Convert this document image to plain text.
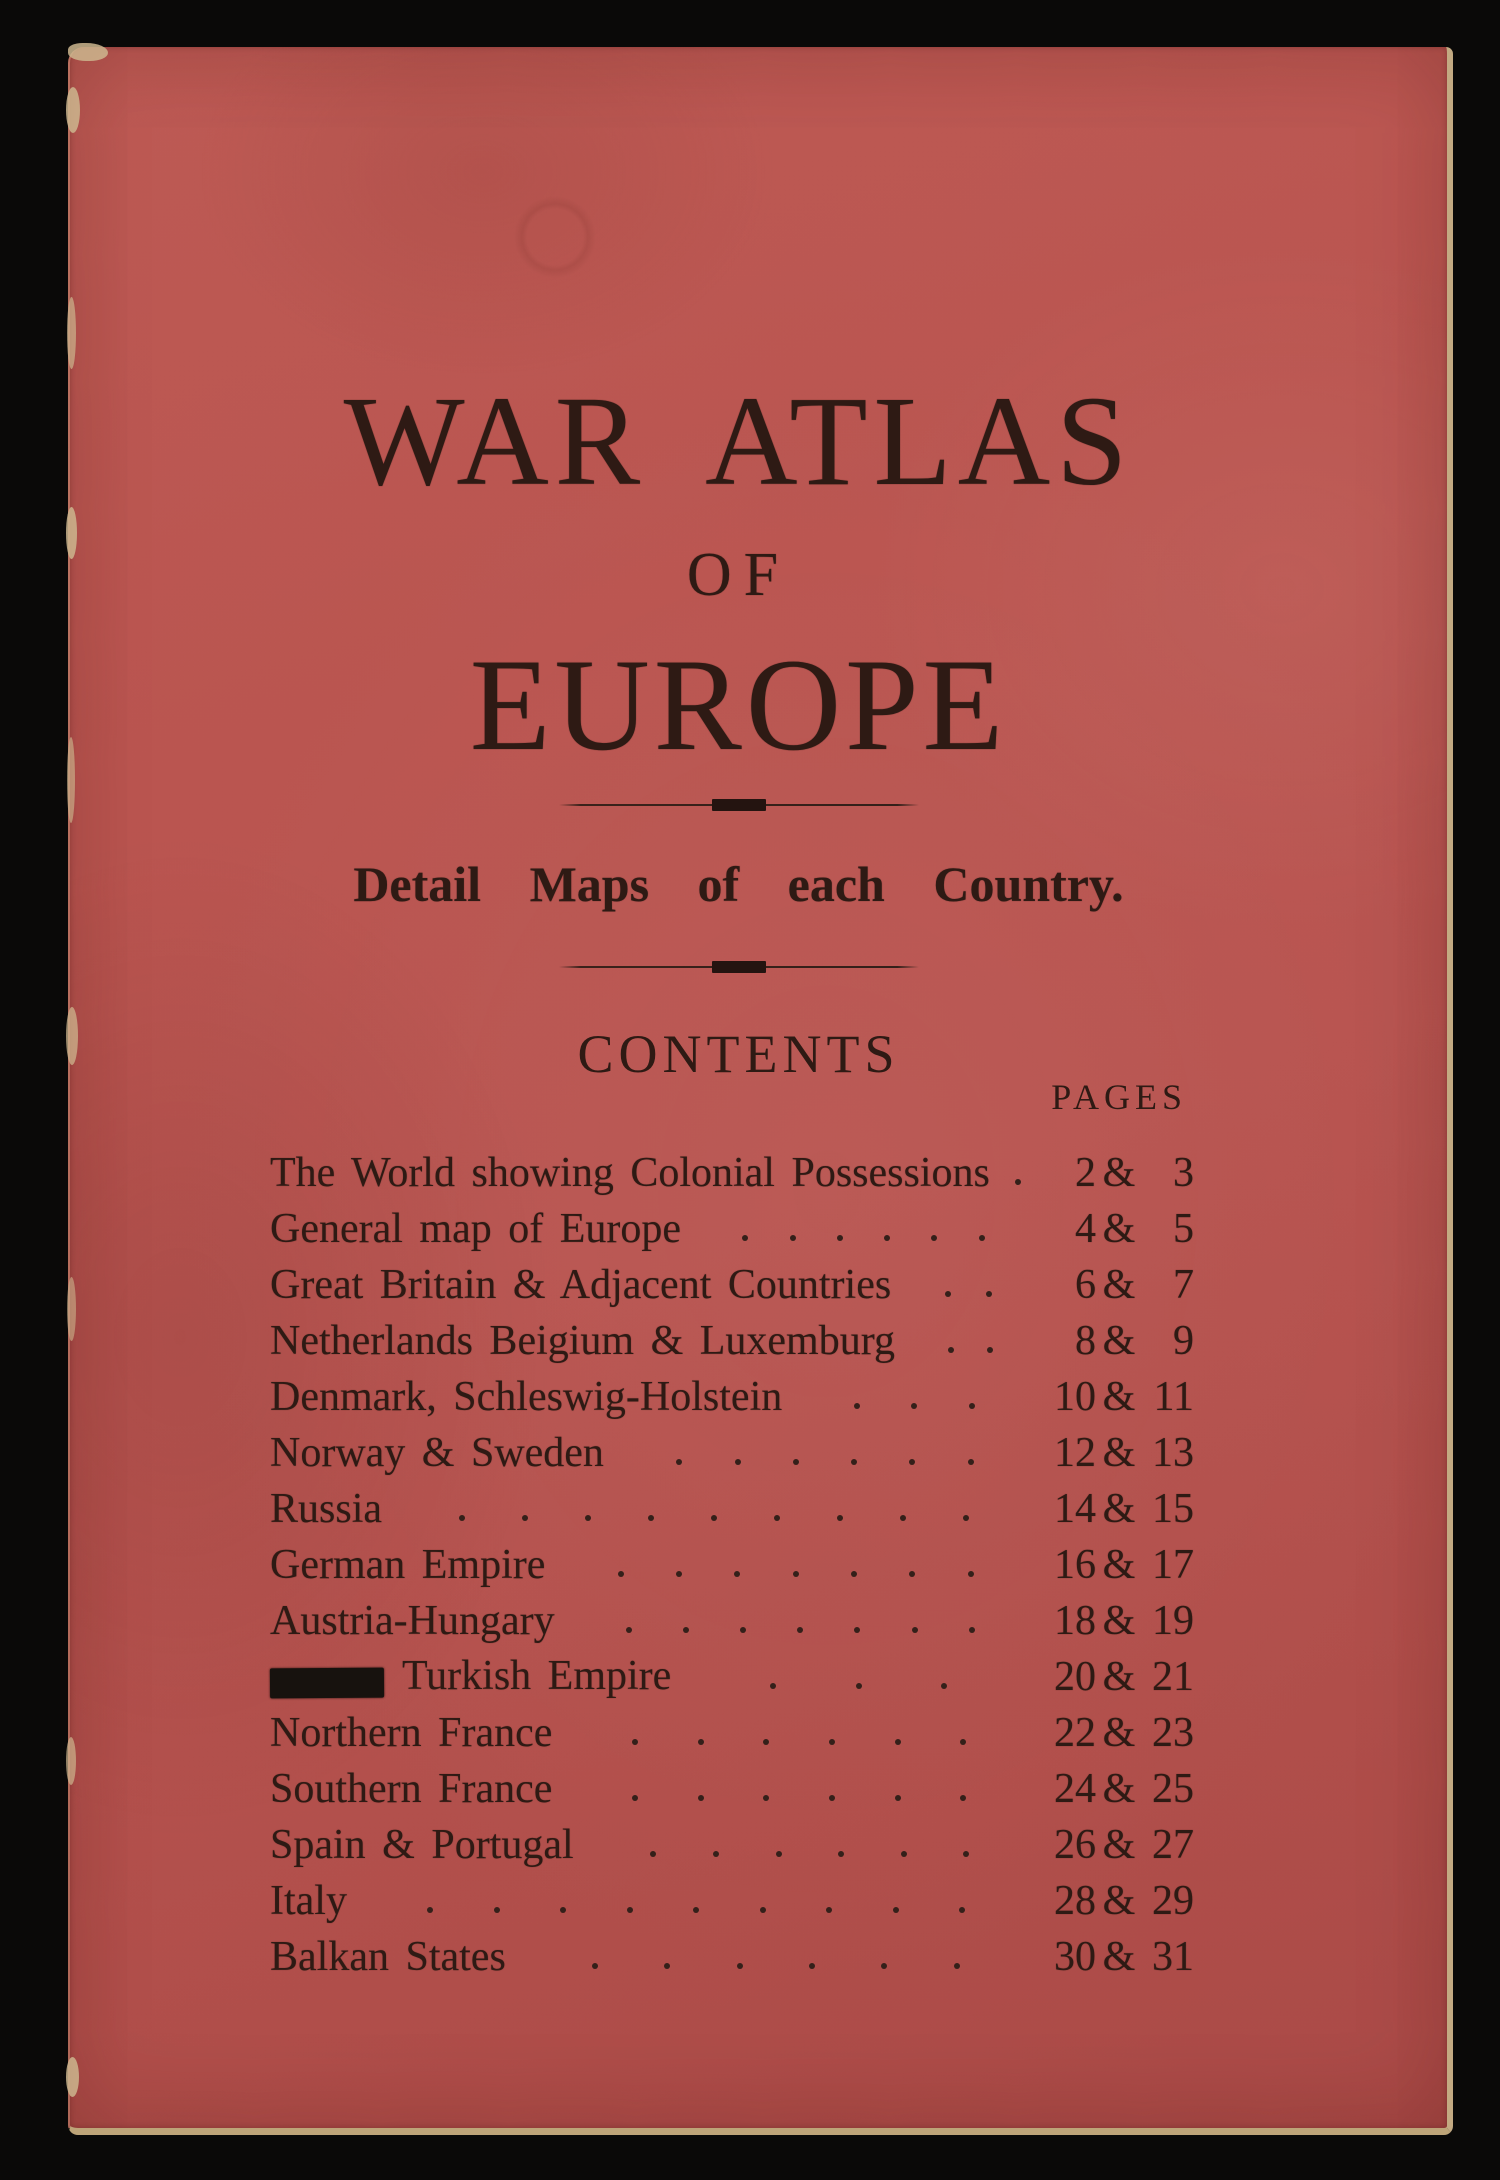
WAR ATLAS
OF
EUROPE
Detail Maps of each Country.
CONTENTS
PAGES
The World showing Colonial Possessions	2 & 3
General map of Europe	4 & 5
Great Britain & Adjacent Countries	6 & 7
Netherlands Beigium & Luxemburg	8 & 9
Denmark, Schleswig-Holstein	10 & 11
Norway & Sweden	12 & 13
Russia	14 & 15
German Empire	16 & 17
Austria-Hungary	18 & 19
Turkish Empire	20 & 21
Northern France	22 & 23
Southern France	24 & 25
Spain & Portugal	26 & 27
Italy	28 & 29
Balkan States	30 & 31
